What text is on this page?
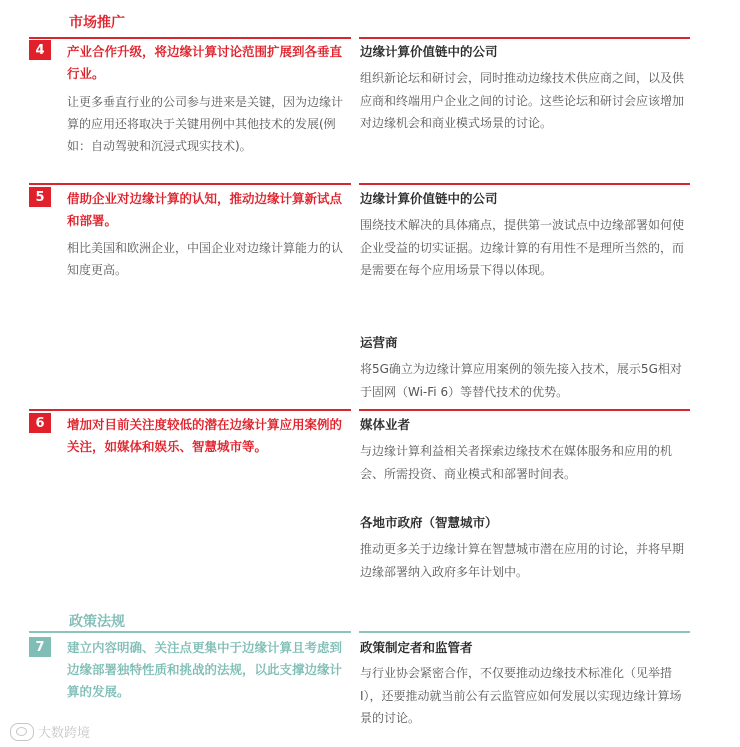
市场推广
4	产业合作升级，将边缘计算讨论范围扩展到各垂直行业。
让更多垂直行业的公司参与进来是关键，因为边缘计算的应用还将取决于关键用例中其他技术的发展(例如：自动驾驶和沉浸式现实技术)。
边缘计算价值链中的公司
组织新论坛和研讨会，同时推动边缘技术供应商之间，以及供应商和终端用户企业之间的讨论。这些论坛和研讨会应该增加对边缘机会和商业模式场景的讨论。
5	借助企业对边缘计算的认知，推动边缘计算新试点和部署。
相比美国和欧洲企业，中国企业对边缘计算能力的认知度更高。
边缘计算价值链中的公司
围绕技术解决的具体痛点，提供第一波试点中边缘部署如何使企业受益的切实证据。边缘计算的有用性不是理所当然的，而是需要在每个应用场景下得以体现。
运营商
将5G确立为边缘计算应用案例的领先接入技术，展示5G相对于固网（Wi-Fi 6）等替代技术的优势。
6	增加对目前关注度较低的潜在边缘计算应用案例的关注，如媒体和娱乐、智慧城市等。
媒体业者
与边缘计算利益相关者探索边缘技术在媒体服务和应用的机会、所需投资、商业模式和部署时间表。
各地市政府（智慧城市）
推动更多关于边缘计算在智慧城市潜在应用的讨论，并将早期边缘部署纳入政府多年计划中。
政策法规
7	建立内容明确、关注点更集中于边缘计算且考虑到边缘部署独特性质和挑战的法规，以此支撑边缘计算的发展。
政策制定者和监管者
与行业协会紧密合作，不仅要推动边缘技术标准化（见举措I），还要推动就当前公有云监管应如何发展以实现边缘计算场景的讨论。
大数跨境
